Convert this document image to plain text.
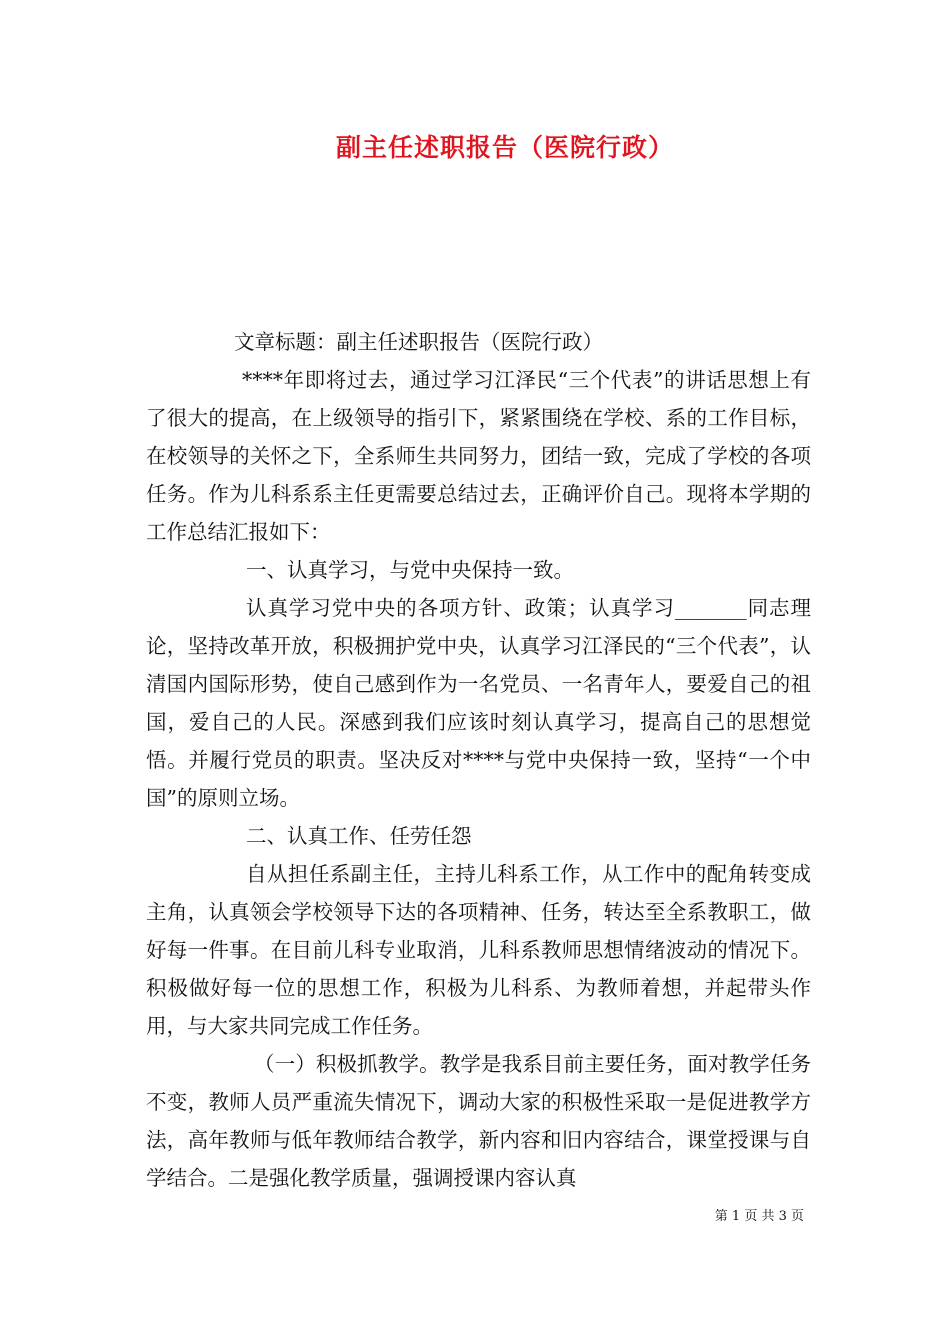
副主任述职报告（医院行政）

文章标题：副主任述职报告（医院行政）

****年即将过去，通过学习江泽民“三个代表”的讲话思想上有了很大的提高，在上级领导的指引下，紧紧围绕在学校、系的工作目标，在校领导的关怀之下，全系师生共同努力，团结一致，完成了学校的各项任务。作为儿科系系主任更需要总结过去，正确评价自己。现将本学期的工作总结汇报如下：

一、认真学习，与党中央保持一致。

认真学习党中央的各项方针、政策；认真学习_______同志理论，坚持改革开放，积极拥护党中央，认真学习江泽民的“三个代表”，认清国内国际形势，使自己感到作为一名党员、一名青年人，要爱自己的祖国，爱自己的人民。深感到我们应该时刻认真学习，提高自己的思想觉悟。并履行党员的职责。坚决反对****与党中央保持一致，坚持“一个中国”的原则立场。

二、认真工作、任劳任怨

自从担任系副主任，主持儿科系工作，从工作中的配角转变成主角，认真领会学校领导下达的各项精神、任务，转达至全系教职工，做好每一件事。在目前儿科专业取消，儿科系教师思想情绪波动的情况下。积极做好每一位的思想工作，积极为儿科系、为教师着想，并起带头作用，与大家共同完成工作任务。

（一）积极抓教学。教学是我系目前主要任务，面对教学任务不变，教师人员严重流失情况下，调动大家的积极性采取一是促进教学方法，高年教师与低年教师结合教学，新内容和旧内容结合，课堂授课与自学结合。二是强化教学质量，强调授课内容认真

第 1 页 共 3 页
